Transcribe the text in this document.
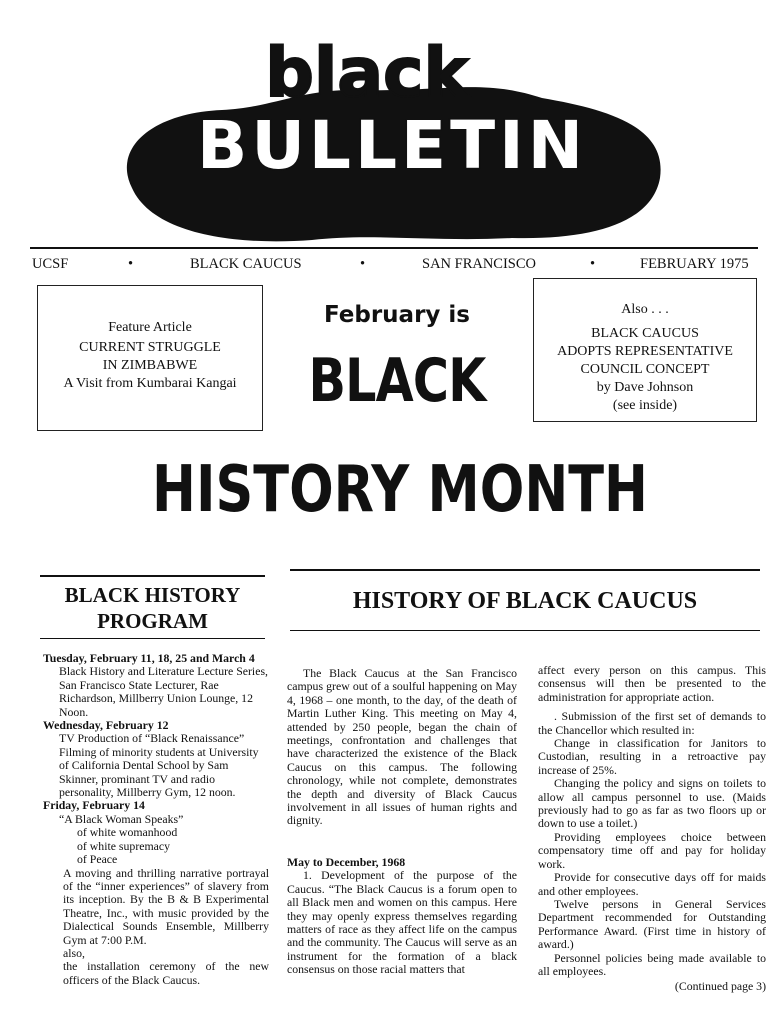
black
BULLETIN
UCSF	•	BLACK CAUCUS	•	SAN FRANCISCO	•	FEBRUARY 1975
Feature Article
CURRENT STRUGGLE
IN ZIMBABWE
A Visit from Kumbarai Kangai
February is
BLACK
Also . . .
BLACK CAUCUS
ADOPTS REPRESENTATIVE
COUNCIL CONCEPT
by Dave Johnson
(see inside)
HISTORY MONTH
BLACK HISTORY
PROGRAM
HISTORY OF BLACK CAUCUS

Tuesday, February 11, 18, 25 and March 4

Black History and Literature Lecture Series, San Francisco State Lecturer, Rae Richardson, Millberry Union Lounge, 12 Noon.

Wednesday, February 12

TV Production of “Black Renaissance” Filming of minority students at University of California Dental School by Sam Skinner, prominant TV and radio personality, Millberry Gym, 12 noon.

Friday, February 14

“A Black Woman Speaks”

of white womanhood

of white supremacy

of Peace

A moving and thrilling narrative portrayal of the “inner experiences” of slavery from its inception. By the B & B Experimental Theatre, Inc., with music provided by the Dialectical Sounds Ensemble, Millberry Gym at 7:00 P.M.

also,

the installation ceremony of the new officers of the Black Caucus.

The Black Caucus at the San Francisco campus grew out of a soulful happening on May 4, 1968 – one month, to the day, of the death of Martin Luther King. This meeting on May 4, attended by 250 people, began the chain of meetings, confrontation and challenges that have characterized the existence of the Black Caucus on this campus. The following chronology, while not complete, demonstrates the depth and diversity of Black Caucus involvement in all issues of human rights and dignity.

May to December, 1968

1. Development of the purpose of the Caucus. “The Black Caucus is a forum open to all Black men and women on this campus. Here they may openly express themselves regarding matters of race as they affect life on the campus and the community. The Caucus will serve as an instrument for the formation of a black consensus on those racial matters that

affect every person on this campus. This consensus will then be presented to the administration for appropriate action.

. Submission of the first set of demands to the Chancellor which resulted in:

Change in classification for Janitors to Custodian, resulting in a retroactive pay increase of 25%.

Changing the policy and signs on toilets to allow all campus personnel to use. (Maids previously had to go as far as two floors up or down to use a toilet.)

Providing employees choice between compensatory time off and pay for holiday work.

Provide for consecutive days off for maids and other employees.

Twelve persons in General Services Department recommended for Outstanding Performance Award. (First time in history of award.)

Personnel policies being made available to all employees.

(Continued page 3)
